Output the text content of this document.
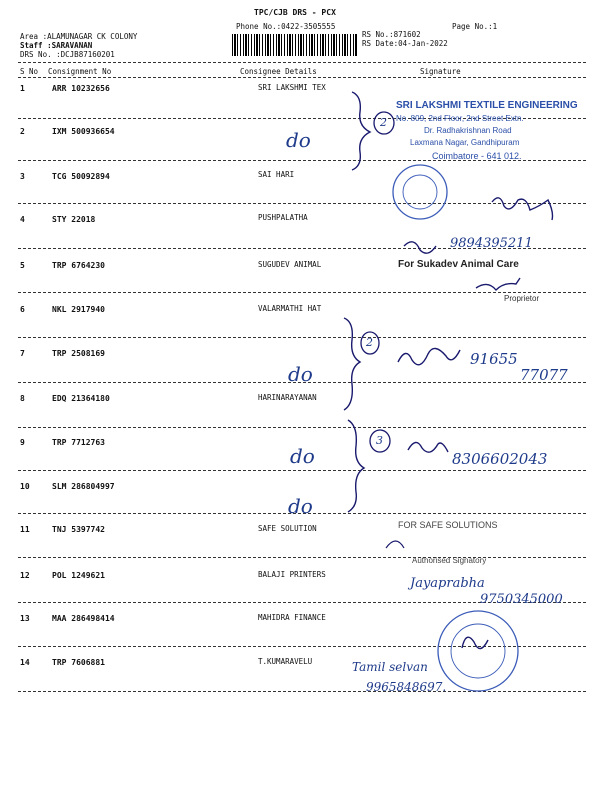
TPC/CJB DRS - PCX
Phone No.:0422-3505555	Page No.:1
Area :ALAMUNAGAR CK COLONY
Staff :SARAVANAN
DRS No. :DCJB87160201
RS No.:871602
RS Date:04-Jan-2022
S No Consignment No	Consignee Details	Signature
1	ARR 10232656	SRI LAKSHMI TEX
2	IXM 500936654
3	TCG 50092894	SAI HARI
4	STY 22018	PUSHPALATHA
5	TRP 6764230	SUGUDEV ANIMAL
6	NKL 2917940	VALARMATHI HAT
7	TRP 2508169
8	EDQ 21364180	HARINARAYANAN
9	TRP 7712763
10	SLM 286804997
11	TNJ 5397742	SAFE SOLUTION
12	POL 1249621	BALAJI PRINTERS
13	MAA 286498414	MAHIDRA FINANCE
14	TRP 7606881	T.KUMARAVELU
SRI LAKSHMI TEXTILE ENGINEERING
No. 809, 2nd Floor, 2nd Street Extn.
Dr. Radhakrishnan Road
Laxmana Nagar, Gandhipuram
Coimbatore - 641 012.
For Sukadev Animal Care
Proprietor
FOR SAFE SOLUTIONS
Authorised Signatory
do
do
do
do
2
2
3
9894395211
91655
77077
8306602043
Jayaprabha
9750345000
Tamil selvan
9965848697.
